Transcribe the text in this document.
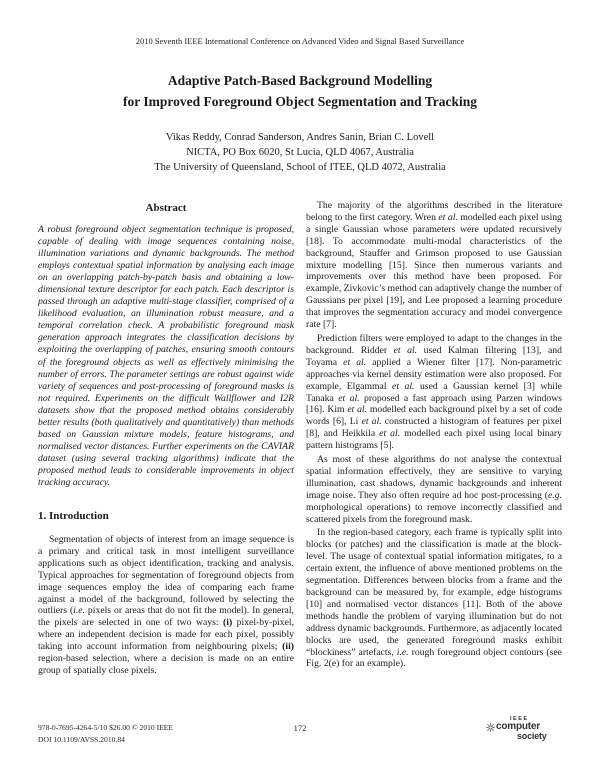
2010 Seventh IEEE International Conference on Advanced Video and Signal Based Surveillance
Adaptive Patch-Based Background Modelling
for Improved Foreground Object Segmentation and Tracking
Vikas Reddy, Conrad Sanderson, Andres Sanin, Brian C. Lovell
NICTA, PO Box 6020, St Lucia, QLD 4067, Australia
The University of Queensland, School of ITEE, QLD 4072, Australia
Abstract

A robust foreground object segmentation technique is proposed, capable of dealing with image sequences containing noise, illumination variations and dynamic backgrounds. The method employs contextual spatial information by analysing each image on an overlapping patch-by-patch basis and obtaining a low-dimensional texture descriptor for each patch. Each descriptor is passed through an adaptive multi-stage classifier, comprised of a likelihood evaluation, an illumination robust measure, and a temporal correlation check. A probabilistic foreground mask generation approach integrates the classification decisions by exploiting the overlapping of patches, ensuring smooth contours of the foreground objects as well as effectively minimising the number of errors. The parameter settings are robust against wide variety of sequences and post-processing of foreground masks is not required. Experiments on the difficult Wallflower and I2R datasets show that the proposed method obtains considerably better results (both qualitatively and quantitatively) than methods based on Gaussian mixture models, feature histograms, and normalised vector distances. Further experiments on the CAVIAR dataset (using several tracking algorithms) indicate that the proposed method leads to considerable improvements in object tracking accuracy.

1. Introduction

Segmentation of objects of interest from an image sequence is a primary and critical task in most intelligent surveillance applications such as object identification, tracking and analysis. Typical approaches for segmentation of foreground objects from image sequences employ the idea of comparing each frame against a model of the background, followed by selecting the outliers (i.e. pixels or areas that do not fit the model). In general, the pixels are selected in one of two ways: (i) pixel-by-pixel, where an independent decision is made for each pixel, possibly taking into account information from neighbouring pixels; (ii) region-based selection, where a decision is made on an entire group of spatially close pixels.

The majority of the algorithms described in the literature belong to the first category. Wren et al. modelled each pixel using a single Gaussian whose parameters were updated recursively [18]. To accommodate multi-modal characteristics of the background, Stauffer and Grimson proposed to use Gaussian mixture modelling [15]. Since then numerous variants and improvements over this method have been proposed. For example, Zivkovic’s method can adaptively change the number of Gaussians per pixel [19], and Lee proposed a learning procedure that improves the segmentation accuracy and model convergence rate [7].

Prediction filters were employed to adapt to the changes in the background. Ridder et al. used Kalman filtering [13], and Toyama et al. applied a Wiener filter [17]. Non-parametric approaches via kernel density estimation were also proposed. For example, Elgammal et al. used a Gaussian kernel [3] while Tanaka et al. proposed a fast approach using Parzen windows [16]. Kim et al. modelled each background pixel by a set of code words [6], Li et al. constructed a histogram of features per pixel [8], and Heikkila et al. modelled each pixel using local binary pattern histograms [5].

As most of these algorithms do not analyse the contextual spatial information effectively, they are sensitive to varying illumination, cast shadows, dynamic backgrounds and inherent image noise. They also often require ad hoc post-processing (e.g. morphological operations) to remove incorrectly classified and scattered pixels from the foreground mask.

In the region-based category, each frame is typically split into blocks (or patches) and the classification is made at the block-level. The usage of contextual spatial information mitigates, to a certain extent, the influence of above mentioned problems on the segmentation. Differences between blocks from a frame and the background can be measured by, for example, edge histograms [10] and normalised vector distances [11]. Both of the above methods handle the problem of varying illumination but do not address dynamic backgrounds. Furthermore, as adjacently located blocks are used, the generated foreground masks exhibit “blockiness” artefacts, i.e. rough foreground object contours (see Fig. 2(e) for an example).

978-0-7695-4264-5/10 $26.00 © 2010 IEEE
DOI 10.1109/AVSS.2010.84
172
IEEE
computer
society
